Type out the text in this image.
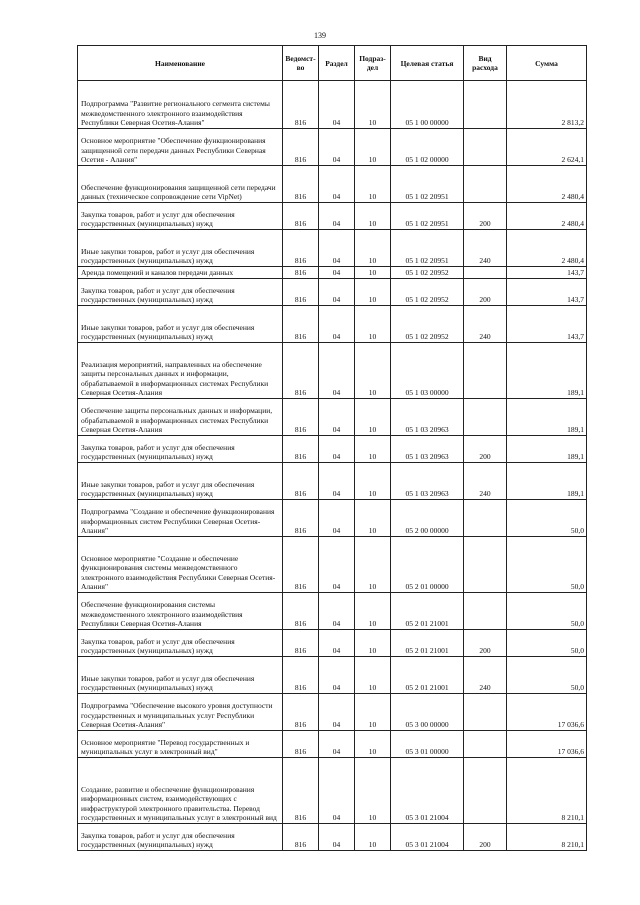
139
Наименование	Ведомст-во	Раздел	Подраз-дел	Целевая статья	Вид расхода	Сумма
Подпрограмма "Развитие регионального сегмента системы межведомственного электронного взаимодействия Республики Северная Осетия-Алания"	816	04	10	05 1 00 00000		2 813,2
Основное мероприятие "Обеспечение функционирования защищенной сети передачи данных Республики Северная Осетия - Алания"	816	04	10	05 1 02 00000		2 624,1
Обеспечение функционирования защищенной сети передачи данных (техническое сопровождение сети VipNet)	816	04	10	05 1 02 20951		2 480,4
Закупка товаров, работ и услуг для обеспечения государственных (муниципальных) нужд	816	04	10	05 1 02 20951	200	2 480,4
Иные закупки товаров, работ и услуг для обеспечения государственных (муниципальных) нужд	816	04	10	05 1 02 20951	240	2 480,4
Аренда помещений и каналов передачи данных	816	04	10	05 1 02 20952		143,7
Закупка товаров, работ и услуг для обеспечения государственных (муниципальных) нужд	816	04	10	05 1 02 20952	200	143,7
Иные закупки товаров, работ и услуг для обеспечения государственных (муниципальных) нужд	816	04	10	05 1 02 20952	240	143,7
Реализация мероприятий, направленных на обеспечение защиты персональных данных и информации, обрабатываемой в информационных системах Республики Северная Осетия-Алания	816	04	10	05 1 03 00000		189,1
Обеспечение защиты персональных данных и информации, обрабатываемой в информационных системах Республики Северная Осетия-Алания	816	04	10	05 1 03 20963		189,1
Закупка товаров, работ и услуг для обеспечения государственных (муниципальных) нужд	816	04	10	05 1 03 20963	200	189,1
Иные закупки товаров, работ и услуг для обеспечения государственных (муниципальных) нужд	816	04	10	05 1 03 20963	240	189,1
Подпрограмма "Создание и обеспечение функционирования информационных систем Республики Северная Осетия-Алания"	816	04	10	05 2 00 00000		50,0
Основное мероприятие "Создание и обеспечение функционирования системы межведомственного электронного взаимодействия Республики Северная Осетия-Алания"	816	04	10	05 2 01 00000		50,0
Обеспечение функционирования системы межведомственного электронного взаимодействия Республики Северная Осетия-Алания	816	04	10	05 2 01 21001		50,0
Закупка товаров, работ и услуг для обеспечения государственных (муниципальных) нужд	816	04	10	05 2 01 21001	200	50,0
Иные закупки товаров, работ и услуг для обеспечения государственных (муниципальных) нужд	816	04	10	05 2 01 21001	240	50,0
Подпрограмма "Обеспечение высокого уровня доступности государственных и муниципальных услуг Республики Северная Осетия-Алания"	816	04	10	05 3 00 00000		17 036,6
Основное мероприятие "Перевод государственных и муниципальных услуг в электронный вид"	816	04	10	05 3 01 00000		17 036,6
Создание, развитие и обеспечение функционирования информационных систем, взаимодействующих с инфраструктурой электронного правительства. Перевод государственных и муниципальных услуг в электронный вид	816	04	10	05 3 01 21004		8 210,1
Закупка товаров, работ и услуг для обеспечения государственных (муниципальных) нужд	816	04	10	05 3 01 21004	200	8 210,1
